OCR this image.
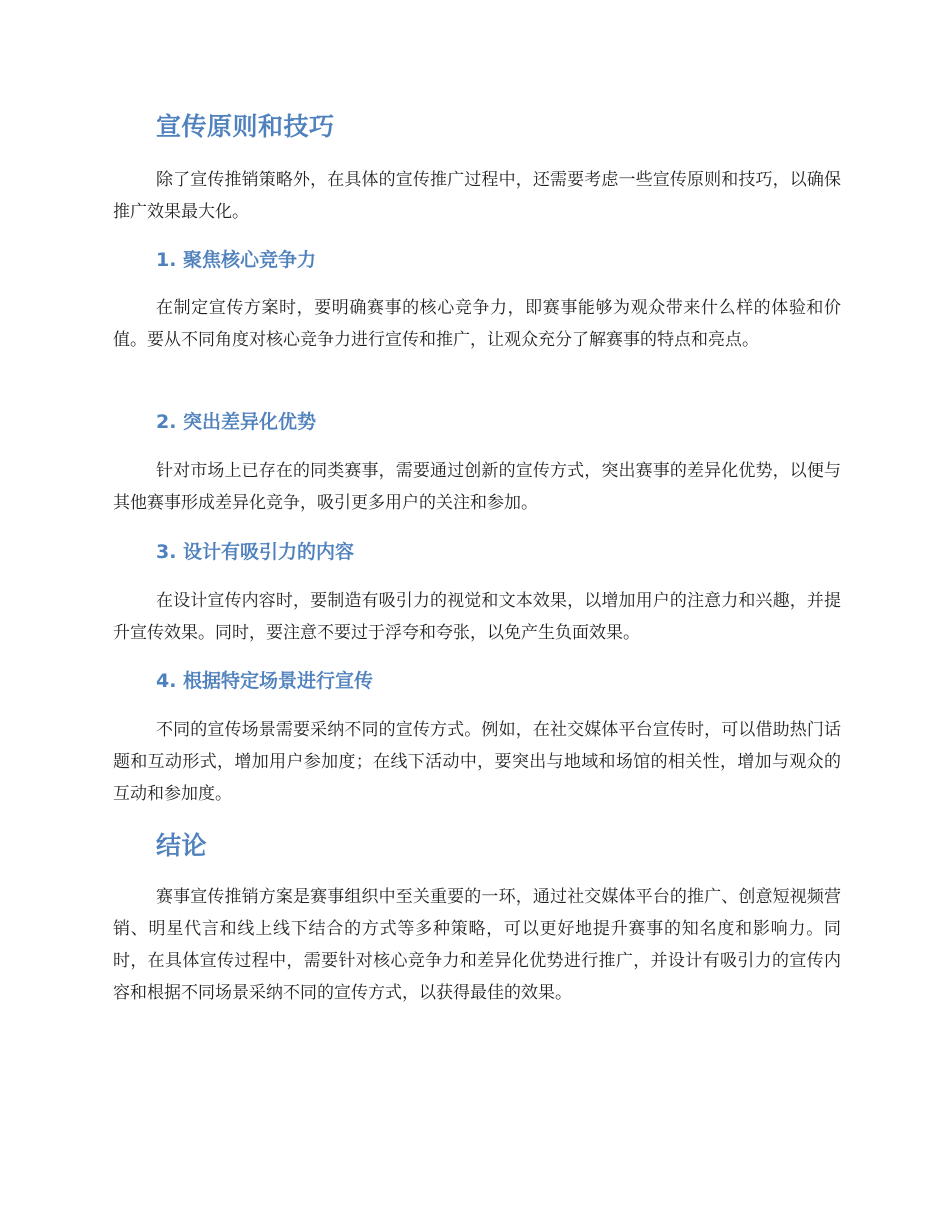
宣传原则和技巧

除了宣传推销策略外，在具体的宣传推广过程中，还需要考虑一些宣传原则和技巧，以确保推广效果最大化。

1. 聚焦核心竞争力

在制定宣传方案时，要明确赛事的核心竞争力，即赛事能够为观众带来什么样的体验和价值。要从不同角度对核心竞争力进行宣传和推广，让观众充分了解赛事的特点和亮点。

2. 突出差异化优势

针对市场上已存在的同类赛事，需要通过创新的宣传方式，突出赛事的差异化优势，以便与其他赛事形成差异化竞争，吸引更多用户的关注和参加。

3. 设计有吸引力的内容

在设计宣传内容时，要制造有吸引力的视觉和文本效果，以增加用户的注意力和兴趣，并提升宣传效果。同时，要注意不要过于浮夸和夸张，以免产生负面效果。

4. 根据特定场景进行宣传

不同的宣传场景需要采纳不同的宣传方式。例如，在社交媒体平台宣传时，可以借助热门话题和互动形式，增加用户参加度；在线下活动中，要突出与地域和场馆的相关性，增加与观众的互动和参加度。

结论

赛事宣传推销方案是赛事组织中至关重要的一环，通过社交媒体平台的推广、创意短视频营销、明星代言和线上线下结合的方式等多种策略，可以更好地提升赛事的知名度和影响力。同时，在具体宣传过程中，需要针对核心竞争力和差异化优势进行推广，并设计有吸引力的宣传内容和根据不同场景采纳不同的宣传方式，以获得最佳的效果。
